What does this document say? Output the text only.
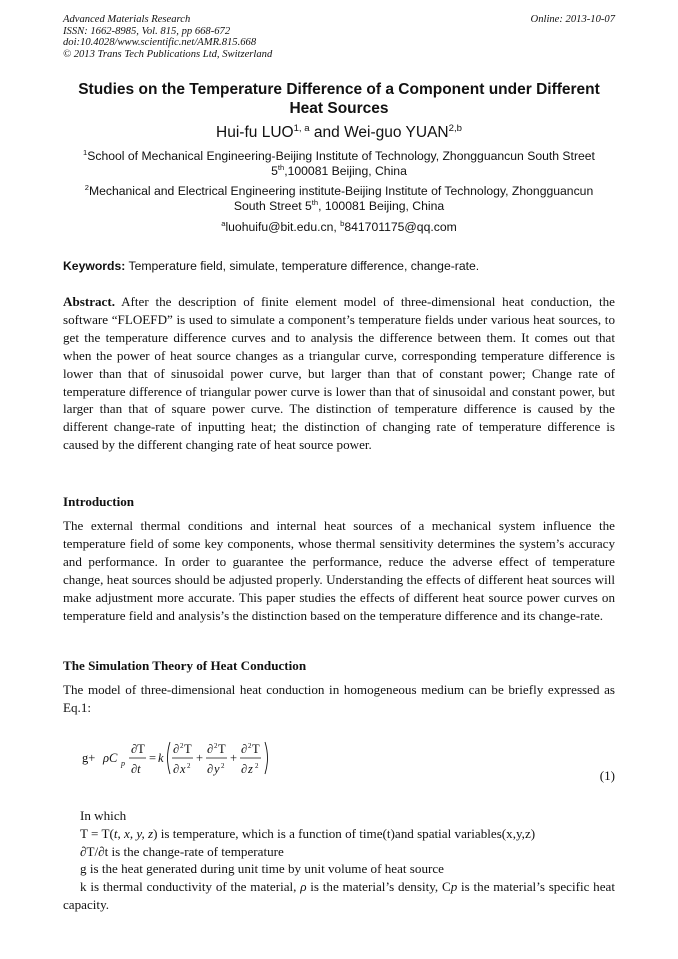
Advanced Materials Research
ISSN: 1662-8985, Vol. 815, pp 668-672
doi:10.4028/www.scientific.net/AMR.815.668
© 2013 Trans Tech Publications Ltd, Switzerland
Online: 2013-10-07
Studies on the Temperature Difference of a Component under Different
Heat Sources
Hui-fu LUO$^{1, a}$ and Wei-guo YUAN$^{2,b}$
$^1$School of Mechanical Engineering-Beijing Institute of Technology, Zhongguancun South Street
5th,100081 Beijing, China
$^2$Mechanical and Electrical Engineering institute-Beijing Institute of Technology, Zhongguancun
South Street 5th, 100081 Beijing, China
$^a$luohuifu@bit.edu.cn, $^b$841701175@qq.com
Keywords: Temperature field, simulate, temperature difference, change-rate.
Abstract. After the description of finite element model of three-dimensional heat conduction, the software “FLOEFD” is used to simulate a component’s temperature fields under various heat sources, to get the temperature difference curves and to analysis the difference between them. It comes out that when the power of heat source changes as a triangular curve, corresponding temperature difference is lower than that of sinusoidal power curve, but larger than that of constant power; Change rate of temperature difference of triangular power curve is lower than that of sinusoidal and constant power, but larger than that of square power curve. The distinction of temperature difference is caused by the different change-rate of inputting heat; the distinction of changing rate of temperature difference is caused by the different changing rate of heat source power.
Introduction
The external thermal conditions and internal heat sources of a mechanical system influence the temperature field of some key components, whose thermal sensitivity determines the system’s accuracy and performance. In order to guarantee the performance, reduce the adverse effect of temperature change, heat sources should be adjusted properly. Understanding the effects of different heat sources will make adjustment more accurate. This paper studies the effects of different heat source power curves on temperature field and analysis’s the distinction based on the temperature difference and its change-rate.
The Simulation Theory of Heat Conduction
The model of three-dimensional heat conduction in homogeneous medium can be briefly expressed as Eq.1:
g+ ρC p
∂T
∂t
= k
∂ 2 T
∂ x 2
+
∂ 2 T
∂ y 2
+
∂ 2 T
∂ z 2
(1)
In which
T = T(t, x, y, z) is temperature, which is a function of time(t)and spatial variables(x,y,z)
∂T/∂t is the change-rate of temperature
g is the heat generated during unit time by unit volume of heat source
k is thermal conductivity of the material, ρ is the material’s density, Cp is the material’s specific heat capacity.
